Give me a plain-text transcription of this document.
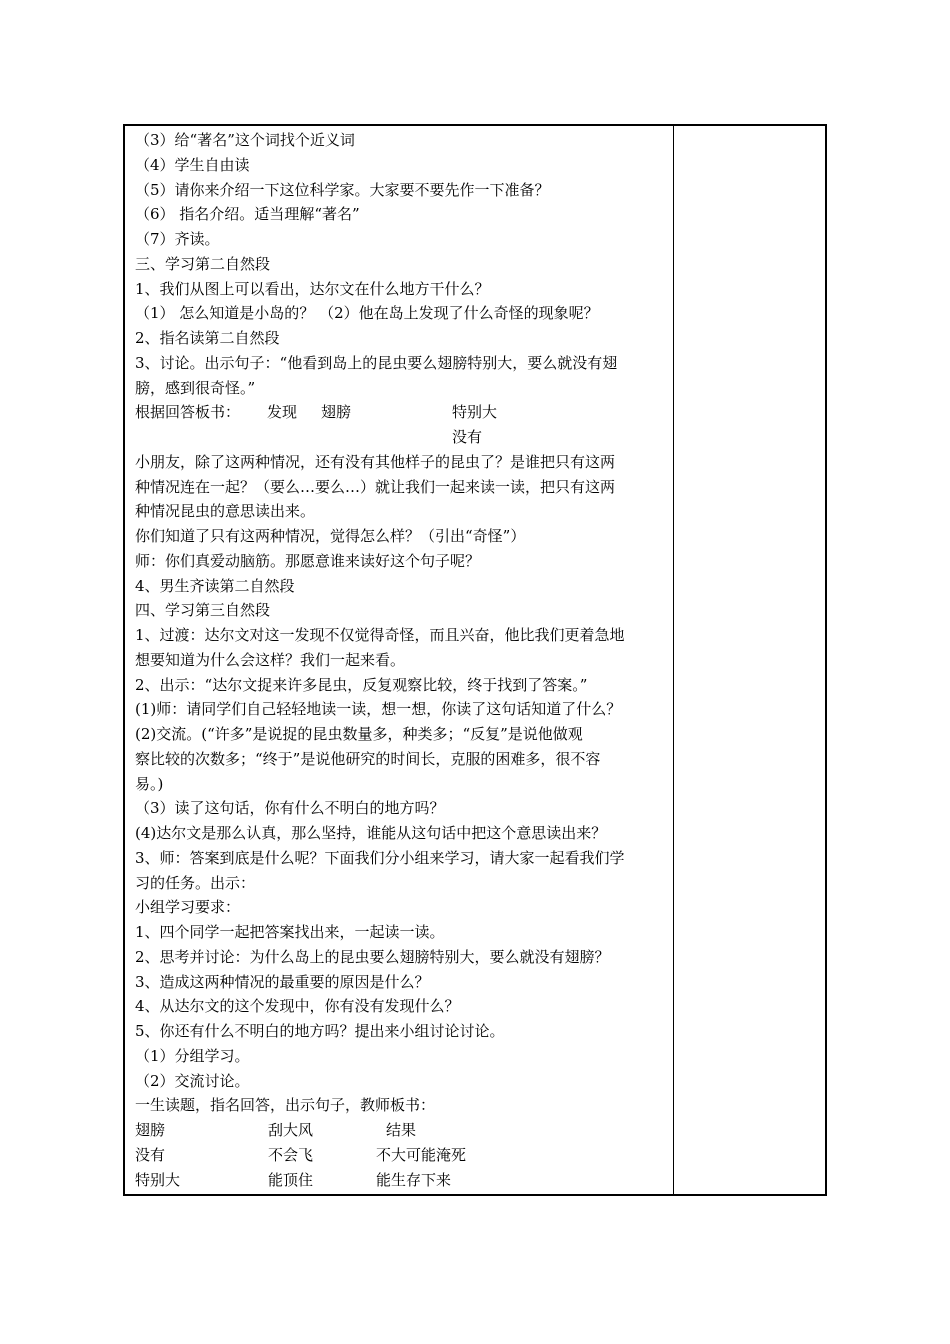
（3）给“著名”这个词找个近义词
（4）学生自由读
（5）请你来介绍一下这位科学家。大家要不要先作一下准备？
（6） 指名介绍。适当理解“著名”
（7）齐读。
三、学习第二自然段
1、我们从图上可以看出，达尔文在什么地方干什么？
（1） 怎么知道是小岛的？ （2）他在岛上发现了什么奇怪的现象呢？
2、指名读第二自然段
3、讨论。出示句子：“他看到岛上的昆虫要么翅膀特别大，要么就没有翅
膀，感到很奇怪。”
根据回答板书： 发现 翅膀	特别大
没有
小朋友，除了这两种情况，还有没有其他样子的昆虫了？是谁把只有这两
种情况连在一起？（要么…要么…）就让我们一起来读一读，把只有这两
种情况昆虫的意思读出来。
你们知道了只有这两种情况，觉得怎么样？（引出“奇怪”）
师：你们真爱动脑筋。那愿意谁来读好这个句子呢？
4、男生齐读第二自然段
四、学习第三自然段
1、过渡：达尔文对这一发现不仅觉得奇怪，而且兴奋，他比我们更着急地
想要知道为什么会这样？我们一起来看。
2、出示：“达尔文捉来许多昆虫，反复观察比较，终于找到了答案。”
(1)师：请同学们自己轻轻地读一读，想一想，你读了这句话知道了什么？
(2)交流。(“许多”是说捉的昆虫数量多，种类多；“反复”是说他做观
察比较的次数多；“终于”是说他研究的时间长，克服的困难多，很不容
易。)
（3）读了这句话，你有什么不明白的地方吗？
(4)达尔文是那么认真，那么坚持，谁能从这句话中把这个意思读出来？
3、师：答案到底是什么呢？下面我们分小组来学习，请大家一起看我们学
习的任务。出示：
小组学习要求：
1、四个同学一起把答案找出来，一起读一读。
2、思考并讨论：为什么岛上的昆虫要么翅膀特别大，要么就没有翅膀？
3、造成这两种情况的最重要的原因是什么？
4、从达尔文的这个发现中，你有没有发现什么？
5、你还有什么不明白的地方吗？提出来小组讨论讨论。
（1）分组学习。
（2）交流讨论。
一生读题，指名回答，出示句子，教师板书：
翅膀	刮大风	结果
没有	不会飞	不大可能淹死
特别大	能顶住	能生存下来
